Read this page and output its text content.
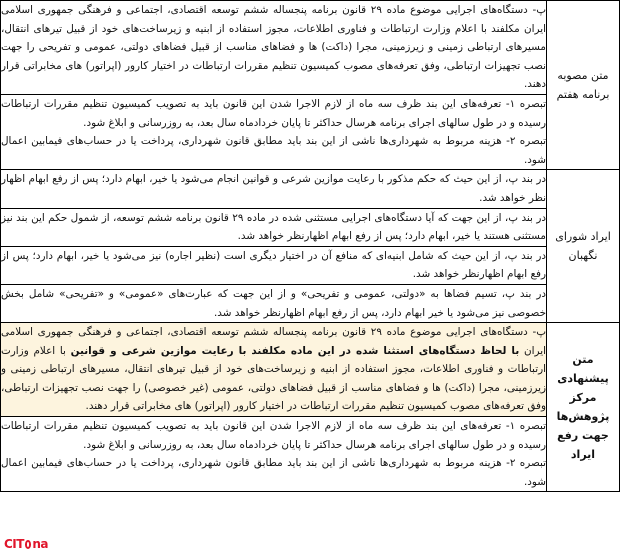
متن مصوبه برنامه هفتم	پ- دستگاه‌های اجرایی موضوع ماده ۲۹ قانون برنامه پنجساله ششم توسعه اقتصادی، اجتماعی و فرهنگی جمهوری اسلامی ایران مکلفند با اعلام وزارت ارتباطات و فناوری اطلاعات، مجوز استفاده از ابنیه و زیرساخت‌های خود از قبیل تیرهای انتقال، مسیرهای ارتباطی زمینی و زیرزمینی، مجرا (داکت) ها و فضاهای مناسب از قبیل فضاهای دولتی، عمومی و تفریحی را جهت نصب تجهیزات ارتباطی، وفق تعرفه‌های مصوب کمیسیون تنظیم مقررات ارتباطات در اختیار کارور (اپراتور) های مخابراتی قرار دهند.
تبصره ۱- تعرفه‌های این بند ظرف سه ماه از لازم الاجرا شدن این قانون باید به تصویب کمیسیون تنظیم مقررات ارتباطات رسیده و در طول سالهای اجرای برنامه هرسال حداکثر تا پایان خردادماه سال بعد، به روزرسانی و ابلاغ شود.
تبصره ۲- هزینه مربوط به شهرداری‌ها ناشی از این بند باید مطابق قانون شهرداری، پرداخت یا در حساب‌های فیمابین اعمال شود.

ایراد شورای نگهبان	در بند پ، از این حیث که حکم مذکور با رعایت موازین شرعی و قوانین انجام می‌شود یا خیر، ابهام دارد؛ پس از رفع ابهام اظهار نظر خواهد شد.
در بند پ، از این جهت که آیا دستگاه‌های اجرایی مستثنی شده در ماده ۲۹ قانون برنامه ششم توسعه، از شمول حکم این بند نیز مستثنی هستند یا خیر، ابهام دارد؛ پس از رفع ابهام اظهارنظر خواهد شد.
در بند پ، از این حیث که شامل ابنیه‌ای که منافع آن در اختیار دیگری است (نظیر اجاره) نیز می‌شود یا خیر، ابهام دارد؛ پس از رفع ابهام اظهارنظر خواهد شد.
در بند پ، تسیم فضاها به «دولتی، عمومی و تفریحی» و از این جهت که عبارت‌های «عمومی» و «تفریحی» شامل بخش خصوصی نیز می‌شود یا خیر ابهام دارد، پس از رفع ابهام اظهارنظر خواهد شد.

متن پیشنهادی مرکز پژوهش‌ها جهت رفع ایراد	پ- دستگاه‌های اجرایی موضوع ماده ۲۹ قانون برنامه پنجساله ششم توسعه اقتصادی، اجتماعی و فرهنگی جمهوری اسلامی ایران با لحاظ دستگاه‌های استثنا شده در این ماده مکلفند با رعایت موازین شرعی و قوانین با اعلام وزارت ارتباطات و فناوری اطلاعات، مجوز استفاده از ابنیه و زیرساخت‌های خود از قبیل تیرهای انتقال، مسیرهای ارتباطی زمینی و زیرزمینی، مجرا (داکت) ها و فضاهای مناسب از قبیل فضاهای دولتی، عمومی (غیر خصوصی) را جهت نصب تجهیزات ارتباطی، وفق تعرفه‌های مصوب کمیسیون تنظیم مقررات ارتباطات در اختیار کارور (اپراتور) های مخابراتی قرار دهند.
تبصره ۱- تعرفه‌های این بند ظرف سه ماه از لازم الاجرا شدن این قانون باید به تصویب کمیسیون تنظیم مقررات ارتباطات رسیده و در طول سالهای اجرای برنامه هرسال حداکثر تا پایان خردادماه سال بعد، به روزرسانی و ابلاغ شود.
تبصره ۲- هزینه مربوط به شهرداری‌ها ناشی از این بند باید مطابق قانون شهرداری، پرداخت یا در حساب‌های فیمابین اعمال شود.
CIT na
